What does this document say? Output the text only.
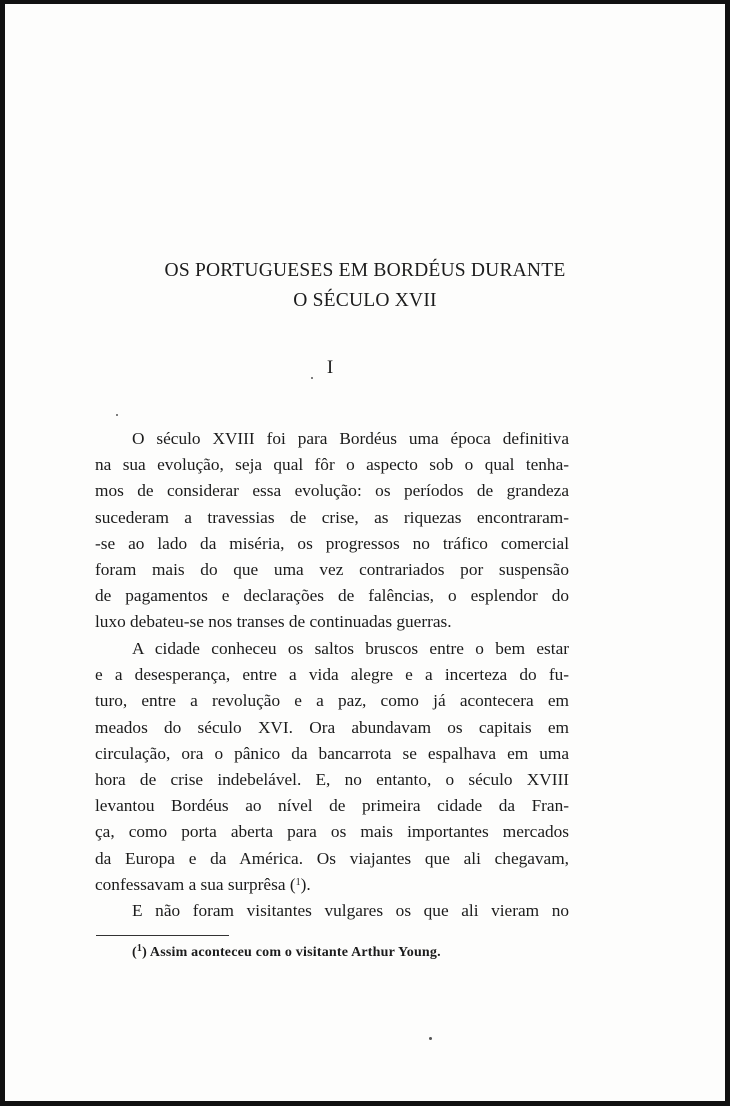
OS PORTUGUESES EM BORDÉUS DURANTE
O SÉCULO XVII
I
O século XVIII foi para Bordéus uma época definitiva
na sua evolução, seja qual fôr o aspecto sob o qual tenha-
mos de considerar essa evolução: os períodos de grandeza
sucederam a travessias de crise, as riquezas encontraram-
-se ao lado da miséria, os progressos no tráfico comercial
foram mais do que uma vez contrariados por suspensão
de pagamentos e declarações de falências, o esplendor do
luxo debateu-se nos transes de continuadas guerras.
A cidade conheceu os saltos bruscos entre o bem estar
e a desesperança, entre a vida alegre e a incerteza do fu-
turo, entre a revolução e a paz, como já acontecera em
meados do século XVI. Ora abundavam os capitais em
circulação, ora o pânico da bancarrota se espalhava em uma
hora de crise indebelável. E, no entanto, o século XVIII
levantou Bordéus ao nível de primeira cidade da Fran-
ça, como porta aberta para os mais importantes mercados
da Europa e da América. Os viajantes que ali chegavam,
confessavam a sua surprêsa ($^1$).
E não foram visitantes vulgares os que ali vieram no
($^1$) Assim aconteceu com o visitante Arthur Young.
